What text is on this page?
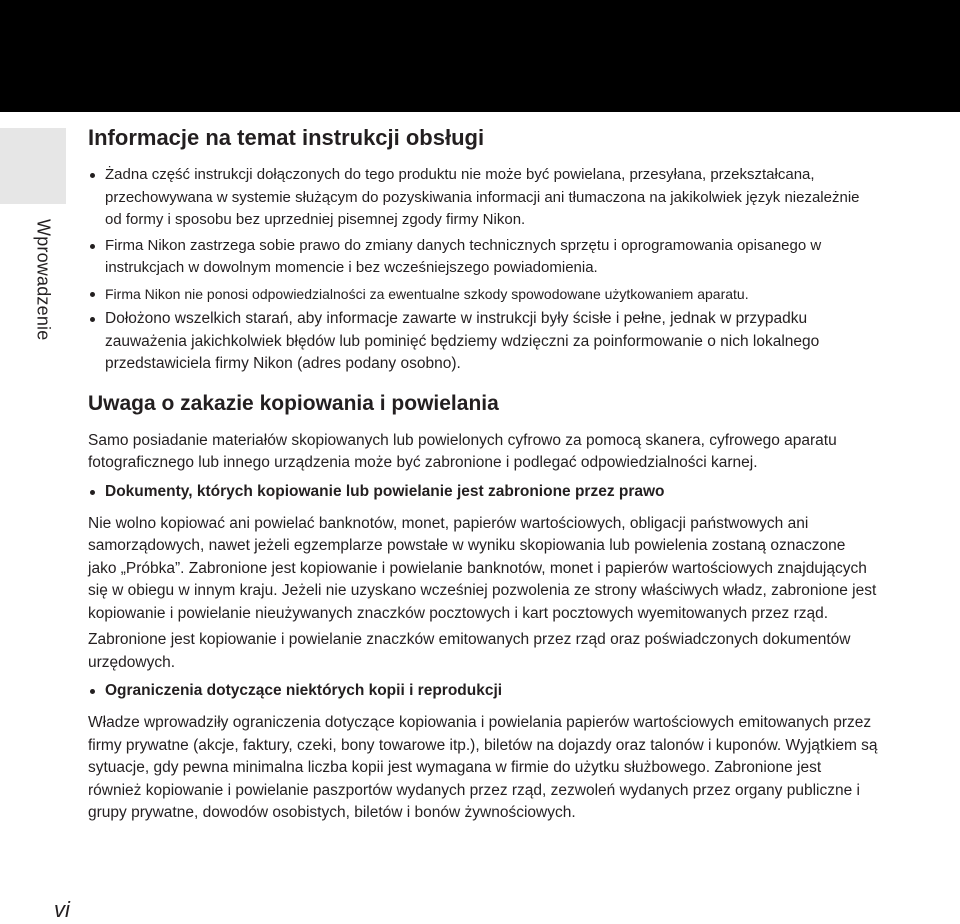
Wprowadzenie
Informacje na temat instrukcji obsługi
Żadna część instrukcji dołączonych do tego produktu nie może być powielana, przesyłana, przekształcana, przechowywana w systemie służącym do pozyskiwania informacji ani tłumaczona na jakikolwiek język niezależnie od formy i sposobu bez uprzedniej pisemnej zgody firmy Nikon.
Firma Nikon zastrzega sobie prawo do zmiany danych technicznych sprzętu i oprogramowania opisanego w instrukcjach w dowolnym momencie i bez wcześniejszego powiadomienia.
Firma Nikon nie ponosi odpowiedzialności za ewentualne szkody spowodowane użytkowaniem aparatu.
Dołożono wszelkich starań, aby informacje zawarte w instrukcji były ścisłe i pełne, jednak w przypadku zauważenia jakichkolwiek błędów lub pominięć będziemy wdzięczni za poinformowanie o nich lokalnego przedstawiciela firmy Nikon (adres podany osobno).
Uwaga o zakazie kopiowania i powielania

Samo posiadanie materiałów skopiowanych lub powielonych cyfrowo za pomocą skanera, cyfrowego aparatu fotograficznego lub innego urządzenia może być zabronione i podlegać odpowiedzialności karnej.

Dokumenty, których kopiowanie lub powielanie jest zabronione przez prawo

Nie wolno kopiować ani powielać banknotów, monet, papierów wartościowych, obligacji państwowych ani samorządowych, nawet jeżeli egzemplarze powstałe w wyniku skopiowania lub powielenia zostaną oznaczone jako „Próbka”. Zabronione jest kopiowanie i powielanie banknotów, monet i papierów wartościowych znajdujących się w obiegu w innym kraju. Jeżeli nie uzyskano wcześniej pozwolenia ze strony właściwych władz, zabronione jest kopiowanie i powielanie nieużywanych znaczków pocztowych i kart pocztowych wyemitowanych przez rząd.

Zabronione jest kopiowanie i powielanie znaczków emitowanych przez rząd oraz poświadczonych dokumentów urzędowych.

Ograniczenia dotyczące niektórych kopii i reprodukcji

Władze wprowadziły ograniczenia dotyczące kopiowania i powielania papierów wartościowych emitowanych przez firmy prywatne (akcje, faktury, czeki, bony towarowe itp.), biletów na dojazdy oraz talonów i kuponów. Wyjątkiem są sytuacje, gdy pewna minimalna liczba kopii jest wymagana w firmie do użytku służbowego. Zabronione jest również kopiowanie i powielanie paszportów wydanych przez rząd, zezwoleń wydanych przez organy publiczne i grupy prywatne, dowodów osobistych, biletów i bonów żywnościowych.

vi
